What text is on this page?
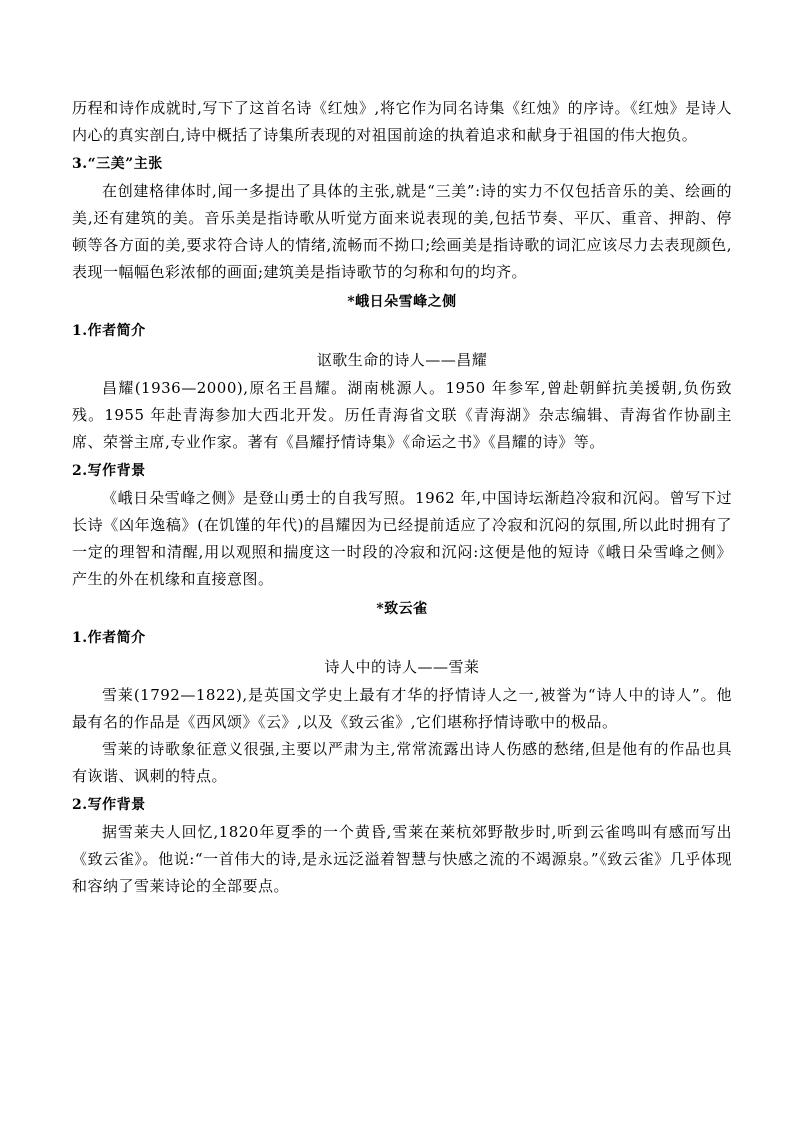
历程和诗作成就时,写下了这首名诗《红烛》,将它作为同名诗集《红烛》的序诗。《红烛》是诗人内心的真实剖白,诗中概括了诗集所表现的对祖国前途的执着追求和献身于祖国的伟大抱负。

3.“三美”主张

在创建格律体时,闻一多提出了具体的主张,就是“三美”:诗的实力不仅包括音乐的美、绘画的美,还有建筑的美。音乐美是指诗歌从听觉方面来说表现的美,包括节奏、平仄、重音、押韵、停顿等各方面的美,要求符合诗人的情绪,流畅而不拗口;绘画美是指诗歌的词汇应该尽力去表现颜色,表现一幅幅色彩浓郁的画面;建筑美是指诗歌节的匀称和句的均齐。

*峨日朵雪峰之侧

1.作者简介

讴歌生命的诗人——昌耀

昌耀(1936—2000),原名王昌耀。湖南桃源人。1950 年参军,曾赴朝鲜抗美援朝,负伤致残。1955 年赴青海参加大西北开发。历任青海省文联《青海湖》杂志编辑、青海省作协副主席、荣誉主席,专业作家。著有《昌耀抒情诗集》《命运之书》《昌耀的诗》等。

2.写作背景

《峨日朵雪峰之侧》是登山勇士的自我写照。1962 年,中国诗坛渐趋冷寂和沉闷。曾写下过长诗《凶年逸稿》(在饥馑的年代)的昌耀因为已经提前适应了冷寂和沉闷的氛围,所以此时拥有了一定的理智和清醒,用以观照和揣度这一时段的冷寂和沉闷:这便是他的短诗《峨日朵雪峰之侧》产生的外在机缘和直接意图。

*致云雀

1.作者简介

诗人中的诗人——雪莱

雪莱(1792—1822),是英国文学史上最有才华的抒情诗人之一,被誉为“诗人中的诗人”。他最有名的作品是《西风颂》《云》,以及《致云雀》,它们堪称抒情诗歌中的极品。

雪莱的诗歌象征意义很强,主要以严肃为主,常常流露出诗人伤感的愁绪,但是他有的作品也具有诙谐、讽刺的特点。

2.写作背景

据雪莱夫人回忆,1820年夏季的一个黄昏,雪莱在莱杭郊野散步时,听到云雀鸣叫有感而写出《致云雀》。他说:“一首伟大的诗,是永远泛溢着智慧与快感之流的不竭源泉。”《致云雀》几乎体现和容纳了雪莱诗论的全部要点。
